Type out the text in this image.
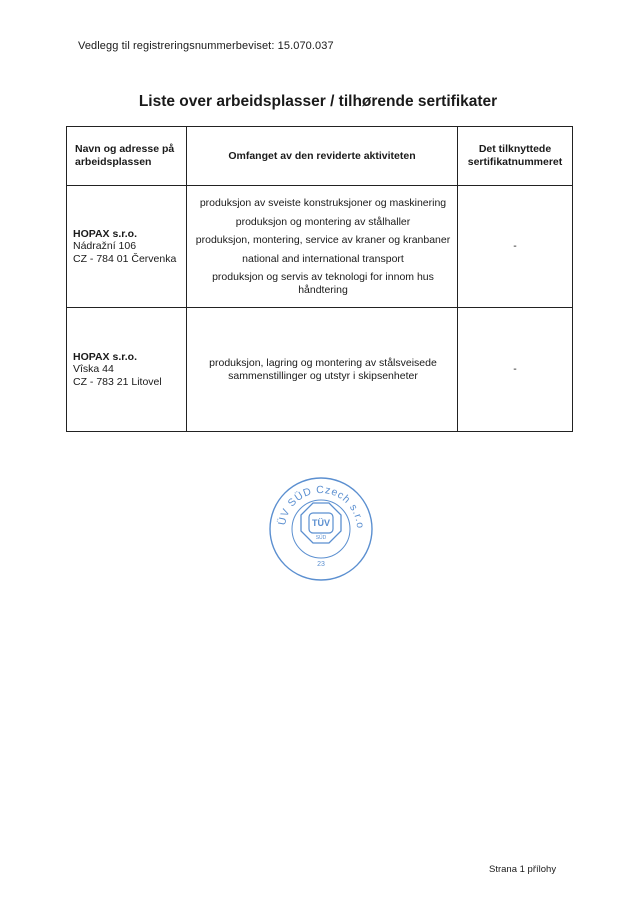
Vedlegg til registreringsnummerbeviset: 15.070.037
Liste over arbeidsplasser / tilhørende sertifikater
Navn og adresse på arbeidsplassen
Omfanget av den reviderte aktiviteten
Det tilknyttede sertifikatnummeret
HOPAX s.r.o.
Nádražní 106
CZ - 784 01 Červenka
produksjon av sveiste konstruksjoner og maskinering
produksjon og montering av stålhaller
produksjon, montering, service av kraner og kranbaner
national and international transport
produksjon og servis av teknologi for innom hus håndtering
-
HOPAX s.r.o.
Vîska 44
CZ - 783 21 Litovel
produksjon, lagring og montering av stålsveisede sammenstillinger og utstyr i skipsenheter
-
ÜV SÜD Czech s.r.o
TÜV
SÜD
23
Strana 1 přílohy
